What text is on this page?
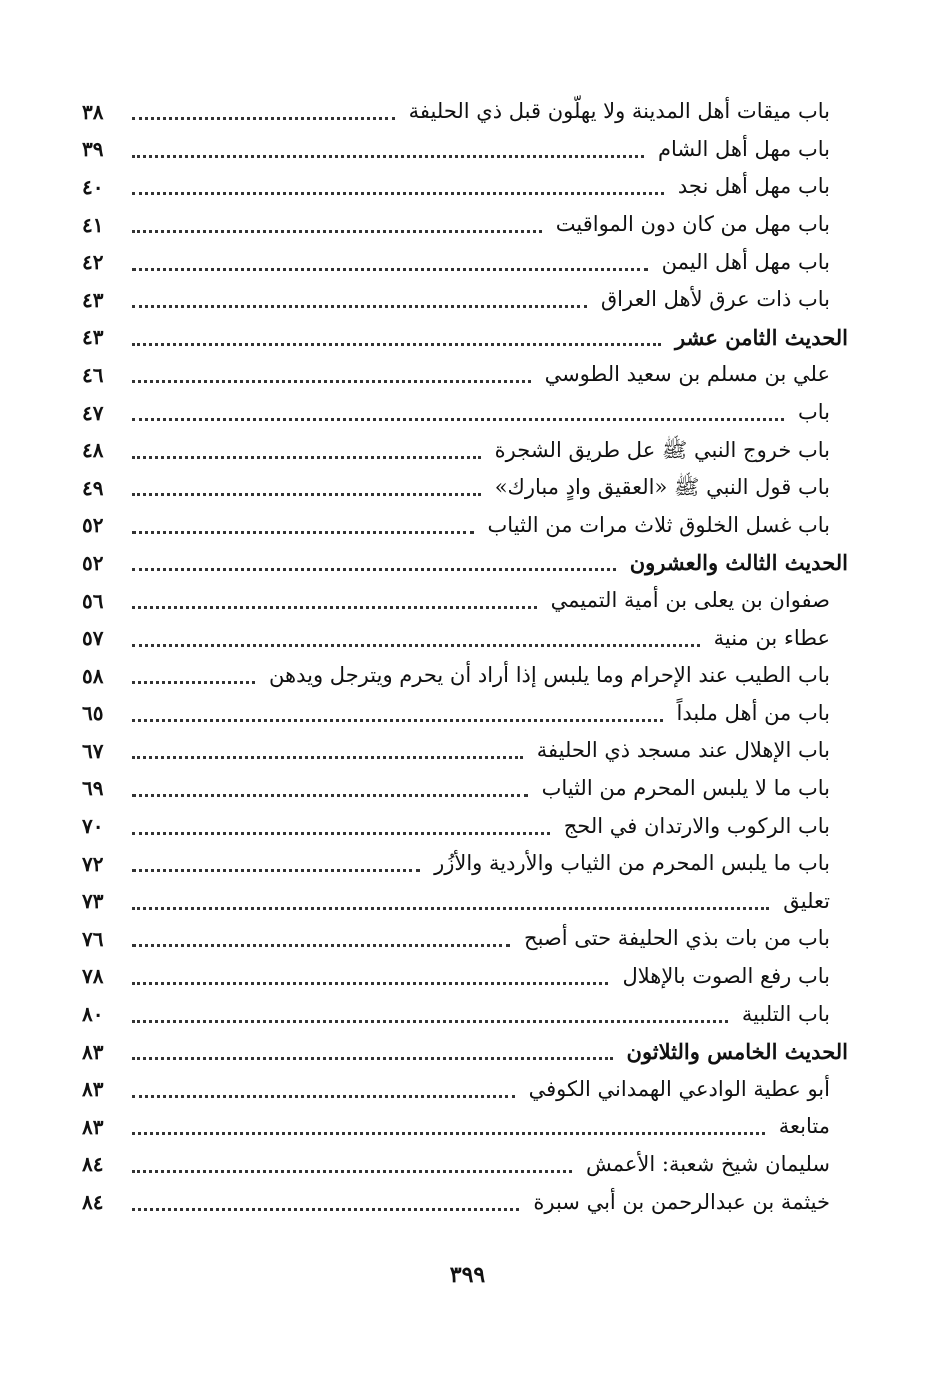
باب ميقات أهل المدينة ولا يهلّون قبل ذي الحليفة
٣٨
باب مهل أهل الشام
٣٩
باب مهل أهل نجد
٤٠
باب مهل من كان دون المواقيت
٤١
باب مهل أهل اليمن
٤٢
باب ذات عرق لأهل العراق
٤٣
الحديث الثامن عشر
٤٣
علي بن مسلم بن سعيد الطوسي
٤٦
باب
٤٧
باب خروج النبي ﷺ عل طريق الشجرة
٤٨
باب قول النبي ﷺ «العقيق وادٍ مبارك»
٤٩
باب غسل الخلوق ثلاث مرات من الثياب
٥٢
الحديث الثالث والعشرون
٥٢
صفوان بن يعلى بن أمية التميمي
٥٦
عطاء بن منية
٥٧
باب الطيب عند الإحرام وما يلبس إذا أراد أن يحرم ويترجل ويدهن
٥٨
باب من أهل ملبداً
٦٥
باب الإهلال عند مسجد ذي الحليفة
٦٧
باب ما لا يلبس المحرم من الثياب
٦٩
باب الركوب والارتدان في الحج
٧٠
باب ما يلبس المحرم من الثياب والأردية والأزُر
٧٢
تعليق
٧٣
باب من بات بذي الحليفة حتى أصبح
٧٦
باب رفع الصوت بالإهلال
٧٨
باب التلبية
٨٠
الحديث الخامس والثلاثون
٨٣
أبو عطية الوادعي الهمداني الكوفي
٨٣
متابعة
٨٣
سليمان شيخ شعبة: الأعمش
٨٤
خيثمة بن عبدالرحمن بن أبي سبرة
٨٤
٣٩٩
